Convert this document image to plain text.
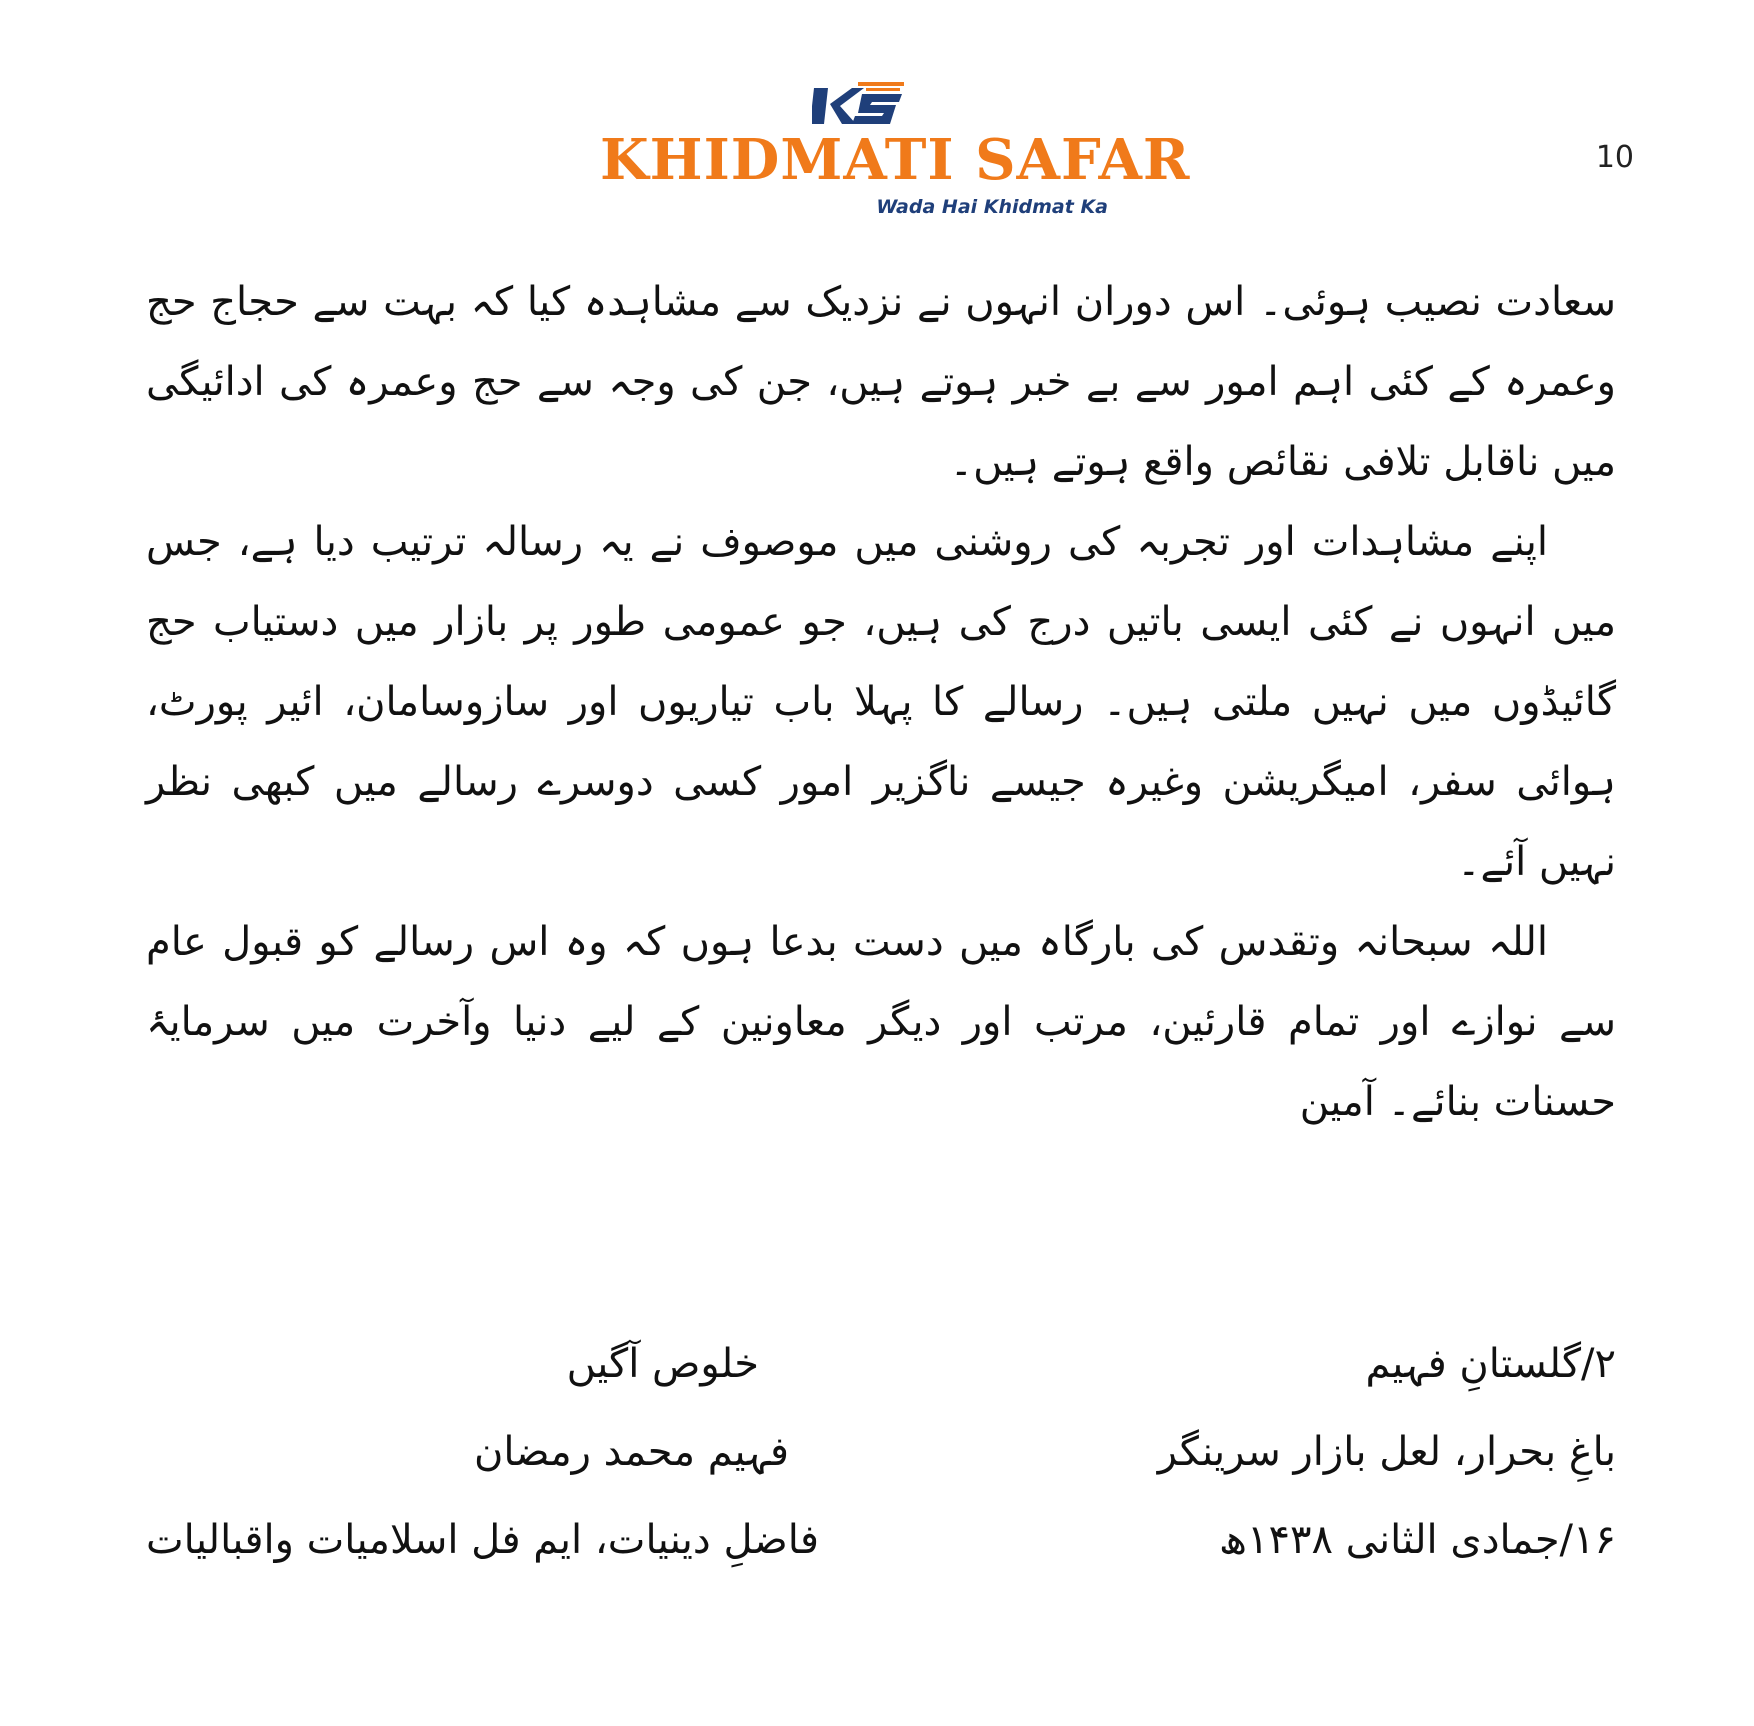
KHIDMATI SAFAR
Wada Hai Khidmat Ka
10

سعادت نصیب ہوئی۔ اس دوران انہوں نے نزدیک سے مشاہدہ کیا کہ بہت سے حجاج حج وعمرہ کے کئی اہم امور سے بے خبر ہوتے ہیں، جن کی وجہ سے حج وعمرہ کی ادائیگی میں ناقابل تلافی نقائص واقع ہوتے ہیں۔

اپنے مشاہدات اور تجربہ کی روشنی میں موصوف نے یہ رسالہ ترتیب دیا ہے، جس میں انہوں نے کئی ایسی باتیں درج کی ہیں، جو عمومی طور پر بازار میں دستیاب حج گائیڈوں میں نہیں ملتی ہیں۔ رسالے کا پہلا باب تیاریوں اور سازوسامان، ائیر پورٹ، ہوائی سفر، امیگریشن وغیرہ جیسے ناگزیر امور کسی دوسرے رسالے میں کبھی نظر نہیں آئے۔

اللہ سبحانہ وتقدس کی بارگاہ میں دست بدعا ہوں کہ وہ اس رسالے کو قبول عام سے نوازے اور تمام قارئین، مرتب اور دیگر معاونین کے لیے دنیا وآخرت میں سرمایۂ حسنات بنائے۔ آمین

۲/گلستانِ فہیم
باغِ بحرار، لعل بازار سرینگر
۱۶/جمادی الثانی ۱۴۳۸ھ
خلوص آگیں
فہیم محمد رمضان
فاضلِ دینیات، ایم فل اسلامیات واقبالیات
